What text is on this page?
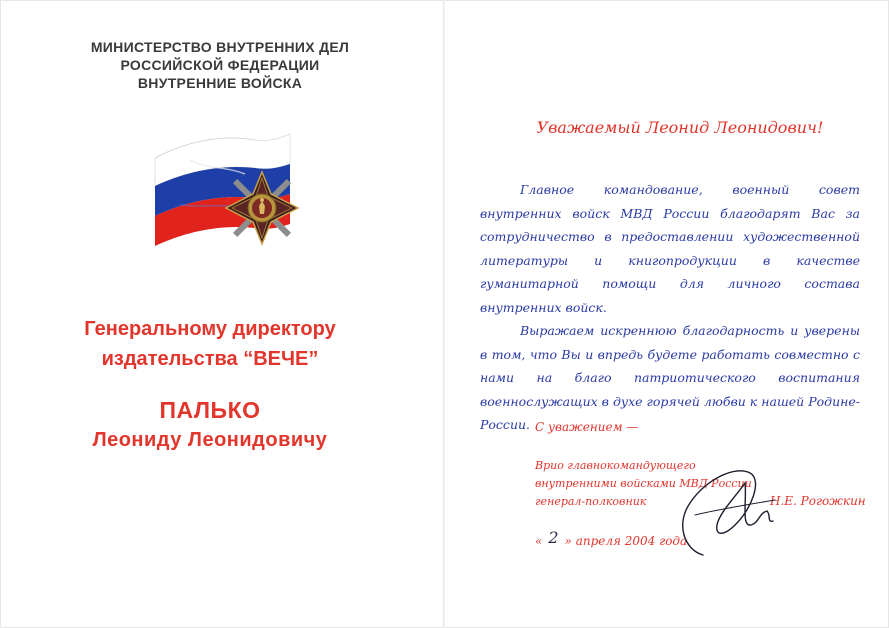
МИНИСТЕРСТВО ВНУТРЕННИХ ДЕЛ
РОССИЙСКОЙ ФЕДЕРАЦИИ
ВНУТРЕННИЕ ВОЙСКА
Генеральному директору
издательства “ВЕЧЕ”
ПАЛЬКО
Леониду Леонидовичу
Уважаемый Леонид Леонидович!

Главное командование, военный совет внутренних войск МВД России благодарят Вас за сотрудничество в предоставлении художественной литературы и книгопродукции в качестве гуманитарной помощи для личного состава внутренних войск.

Выражаем искреннюю благодарность и уверены в том, что Вы и впредь будете работать совместно с нами на благо патриотического воспитания военнослужащих в духе горячей любви к нашей Родине- России. С уважением —
Врио главнокомандующего
внутренними войсками МВД России
генерал-полковник	Н.Е. Рогожкин
« 2 » апреля 2004 года
